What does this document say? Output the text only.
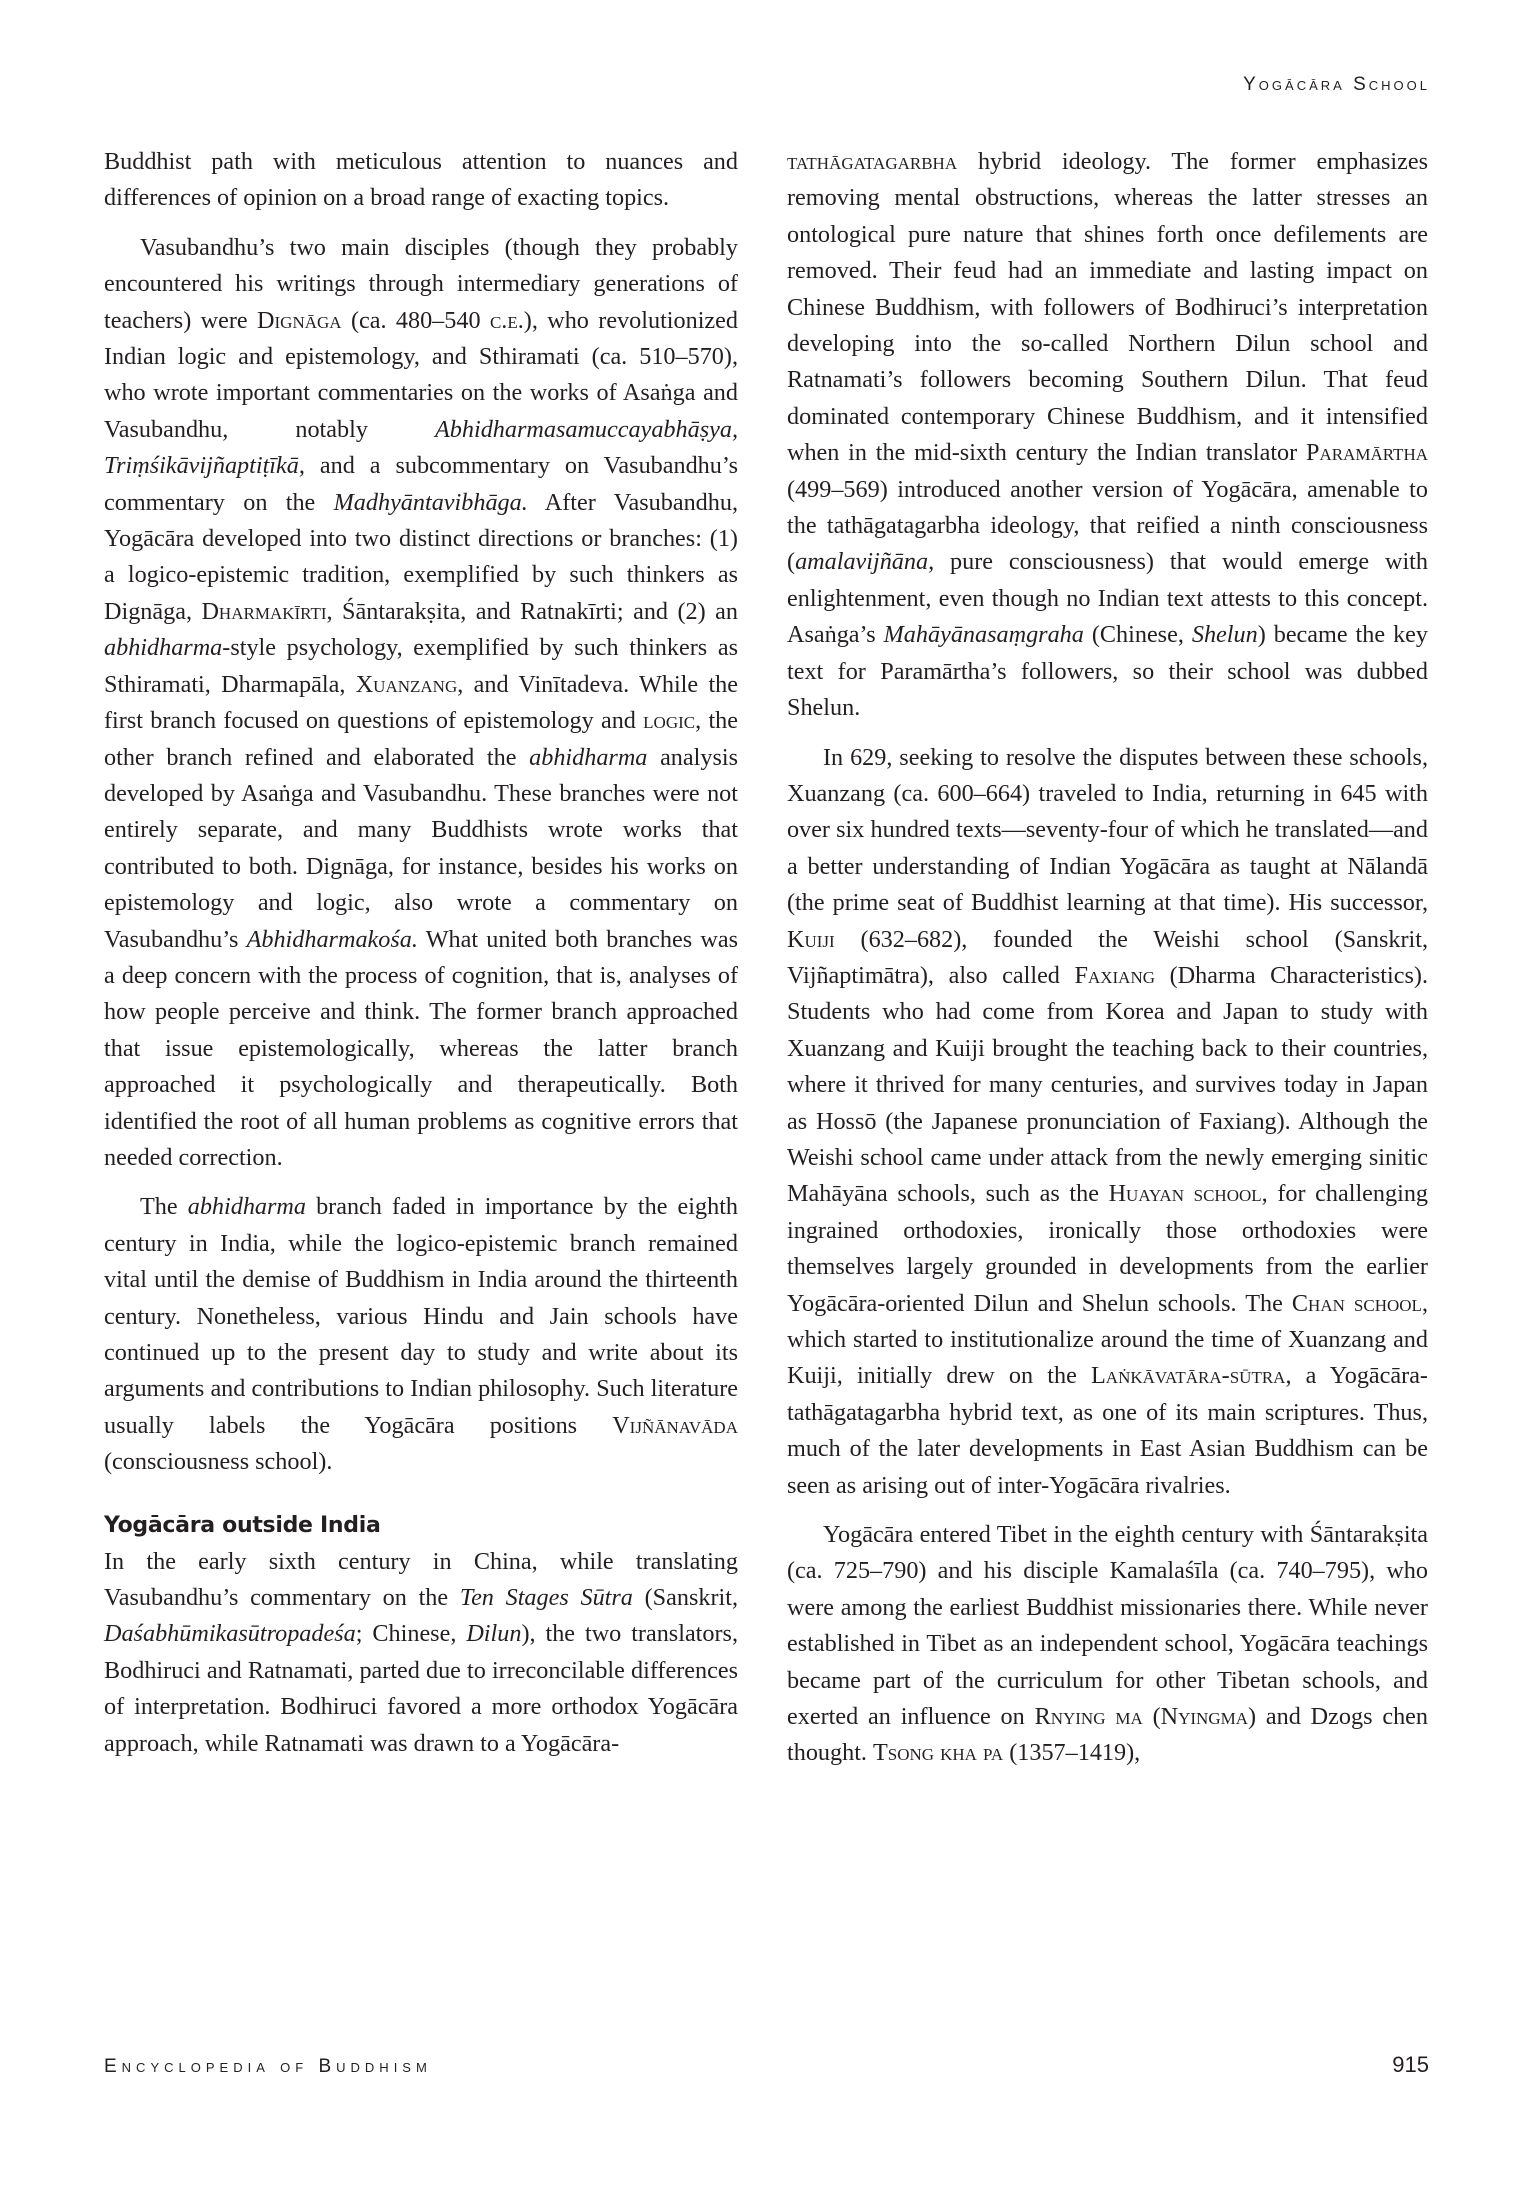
Yogācāra School

Buddhist path with meticulous attention to nuances and differences of opinion on a broad range of exacting topics.

Vasubandhu’s two main disciples (though they probably encountered his writings through intermediary generations of teachers) were Dignāga (ca. 480–540 c.e.), who revolutionized Indian logic and epistemology, and Sthiramati (ca. 510–570), who wrote important commentaries on the works of Asaṅga and Vasubandhu, notably Abhidharmasamuccayabhāṣya, Triṃśikāvijñaptiṭīkā, and a subcommentary on Vasubandhu’s commentary on the Madhyāntavibhāga. After Vasubandhu, Yogācāra developed into two distinct directions or branches: (1) a logico-epistemic tradition, exemplified by such thinkers as Dignāga, Dharmakīrti, Śāntarakṣita, and Ratnakīrti; and (2) an abhidharma-style psychology, exemplified by such thinkers as Sthiramati, Dharmapāla, Xuanzang, and Vinītadeva. While the first branch focused on questions of epistemology and logic, the other branch refined and elaborated the abhidharma analysis developed by Asaṅga and Vasubandhu. These branches were not entirely separate, and many Buddhists wrote works that contributed to both. Dignāga, for instance, besides his works on epistemology and logic, also wrote a commentary on Vasubandhu’s Abhidharmakośa. What united both branches was a deep concern with the process of cognition, that is, analyses of how people perceive and think. The former branch approached that issue epistemologically, whereas the latter branch approached it psychologically and therapeutically. Both identified the root of all human problems as cognitive errors that needed correction.

The abhidharma branch faded in importance by the eighth century in India, while the logico-epistemic branch remained vital until the demise of Buddhism in India around the thirteenth century. Nonetheless, various Hindu and Jain schools have continued up to the present day to study and write about its arguments and contributions to Indian philosophy. Such literature usually labels the Yogācāra positions Vijñānavāda (consciousness school).

Yogācāra outside India

In the early sixth century in China, while translating Vasubandhu’s commentary on the Ten Stages Sūtra (Sanskrit, Daśabhūmikasūtropadeśa; Chinese, Dilun), the two translators, Bodhiruci and Ratnamati, parted due to irreconcilable differences of interpretation. Bodhiruci favored a more orthodox Yogācāra approach, while Ratnamati was drawn to a Yogācāra-

tathāgatagarbha hybrid ideology. The former emphasizes removing mental obstructions, whereas the latter stresses an ontological pure nature that shines forth once defilements are removed. Their feud had an immediate and lasting impact on Chinese Buddhism, with followers of Bodhiruci’s interpretation developing into the so-called Northern Dilun school and Ratnamati’s followers becoming Southern Dilun. That feud dominated contemporary Chinese Buddhism, and it intensified when in the mid-sixth century the Indian translator Paramārtha (499–569) introduced another version of Yogācāra, amenable to the tathāgatagarbha ideology, that reified a ninth consciousness (amalavijñāna, pure consciousness) that would emerge with enlightenment, even though no Indian text attests to this concept. Asaṅga’s Mahāyānasaṃgraha (Chinese, Shelun) became the key text for Paramārtha’s followers, so their school was dubbed Shelun.

In 629, seeking to resolve the disputes between these schools, Xuanzang (ca. 600–664) traveled to India, returning in 645 with over six hundred texts—seventy-four of which he translated—and a better understanding of Indian Yogācāra as taught at Nālandā (the prime seat of Buddhist learning at that time). His successor, Kuiji (632–682), founded the Weishi school (Sanskrit, Vijñaptimātra), also called Faxiang (Dharma Characteristics). Students who had come from Korea and Japan to study with Xuanzang and Kuiji brought the teaching back to their countries, where it thrived for many centuries, and survives today in Japan as Hossō (the Japanese pronunciation of Faxiang). Although the Weishi school came under attack from the newly emerging sinitic Mahāyāna schools, such as the Huayan school, for challenging ingrained orthodoxies, ironically those orthodoxies were themselves largely grounded in developments from the earlier Yogācāra-oriented Dilun and Shelun schools. The Chan school, which started to institutionalize around the time of Xuanzang and Kuiji, initially drew on the Laṅkāvatāra-sūtra, a Yogācāra-tathāgatagarbha hybrid text, as one of its main scriptures. Thus, much of the later developments in East Asian Buddhism can be seen as arising out of inter-Yogācāra rivalries.

Yogācāra entered Tibet in the eighth century with Śāntarakṣita (ca. 725–790) and his disciple Kamalaśīla (ca. 740–795), who were among the earliest Buddhist missionaries there. While never established in Tibet as an independent school, Yogācāra teachings became part of the curriculum for other Tibetan schools, and exerted an influence on Rnying ma (Nyingma) and Dzogs chen thought. Tsong kha pa (1357–1419),

Encyclopedia of Buddhism	915
